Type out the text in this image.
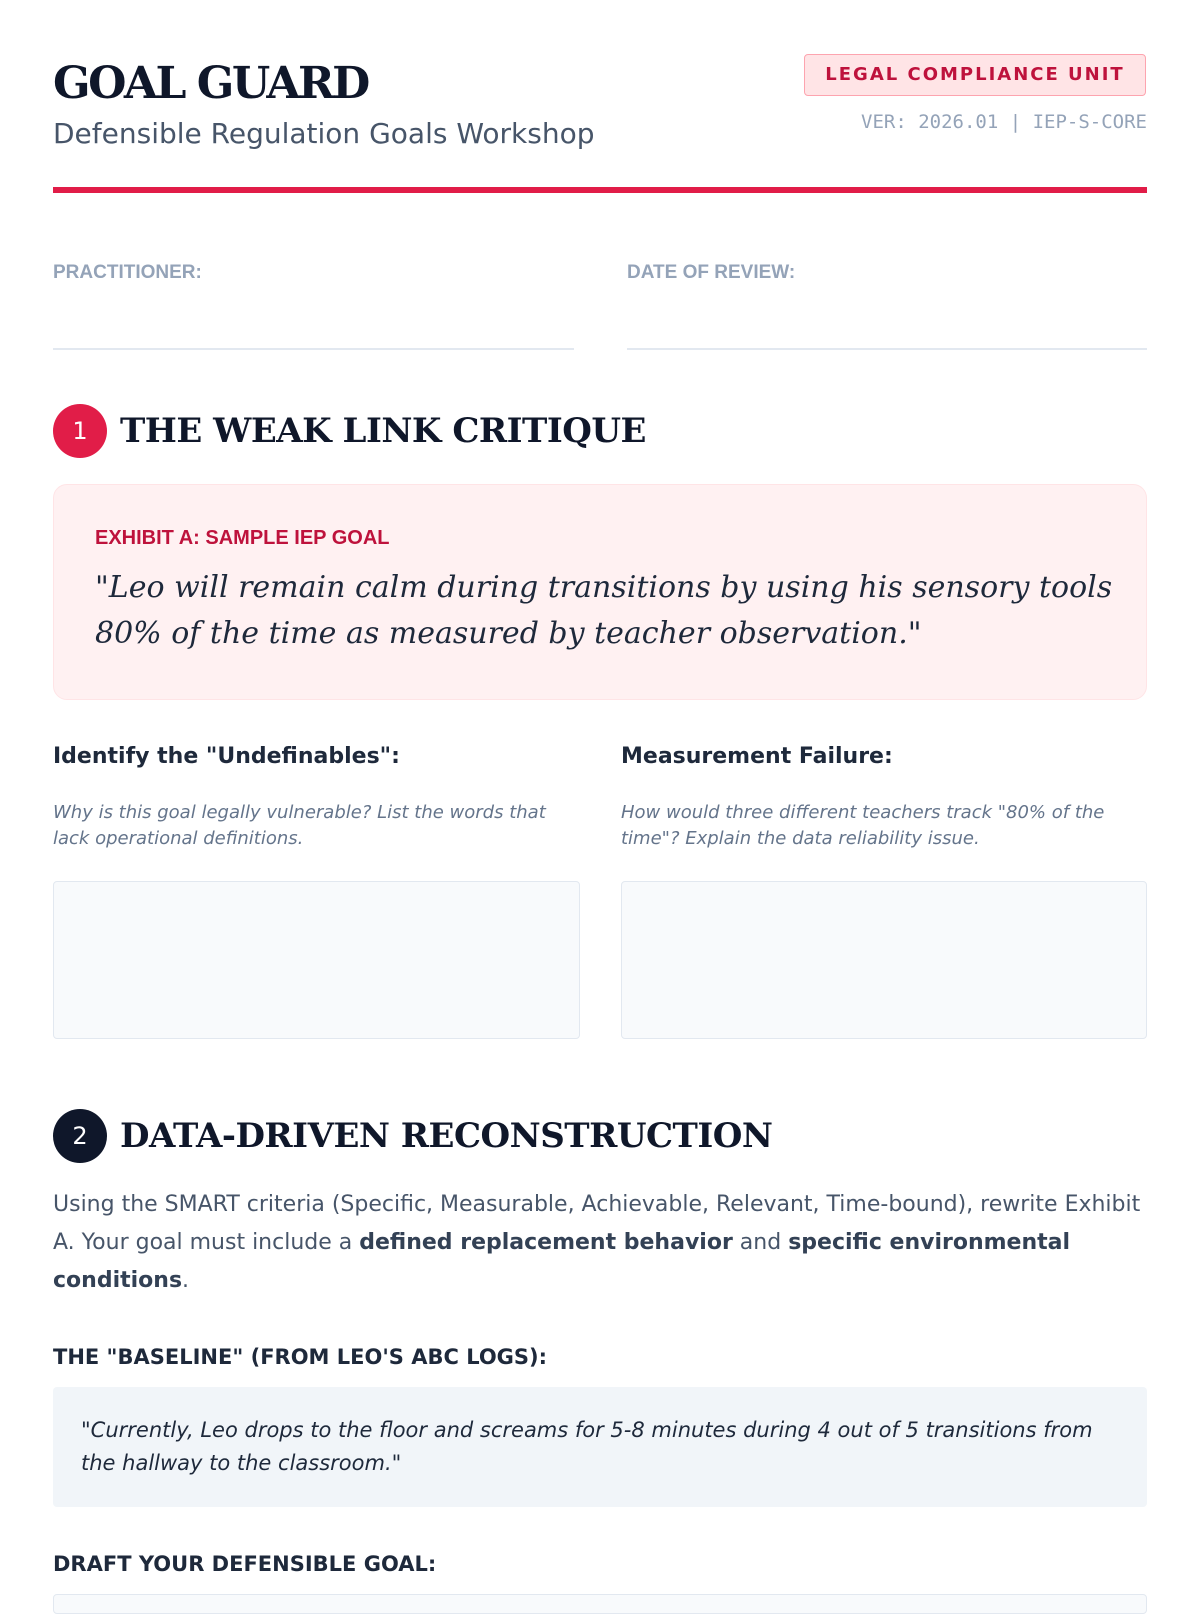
GOAL GUARD
Defensible Regulation Goals Workshop
LEGAL COMPLIANCE UNIT
VER: 2026.01 | IEP-S-CORE
PRACTITIONER:	DATE OF REVIEW:
1 THE WEAK LINK CRITIQUE
EXHIBIT A: SAMPLE IEP GOAL
"Leo will remain calm during transitions by using his sensory tools 80% of the time as measured by teacher observation."
Identify the "Undefinables":
Why is this goal legally vulnerable? List the words that lack operational definitions.
Measurement Failure:
How would three different teachers track "80% of the time"? Explain the data reliability issue.
2 DATA-DRIVEN RECONSTRUCTION
Using the SMART criteria (Specific, Measurable, Achievable, Relevant, Time-bound), rewrite Exhibit A. Your goal must include a defined replacement behavior and specific environmental conditions.
THE "BASELINE" (FROM LEO'S ABC LOGS):
"Currently, Leo drops to the floor and screams for 5-8 minutes during 4 out of 5 transitions from the hallway to the classroom."
DRAFT YOUR DEFENSIBLE GOAL:
